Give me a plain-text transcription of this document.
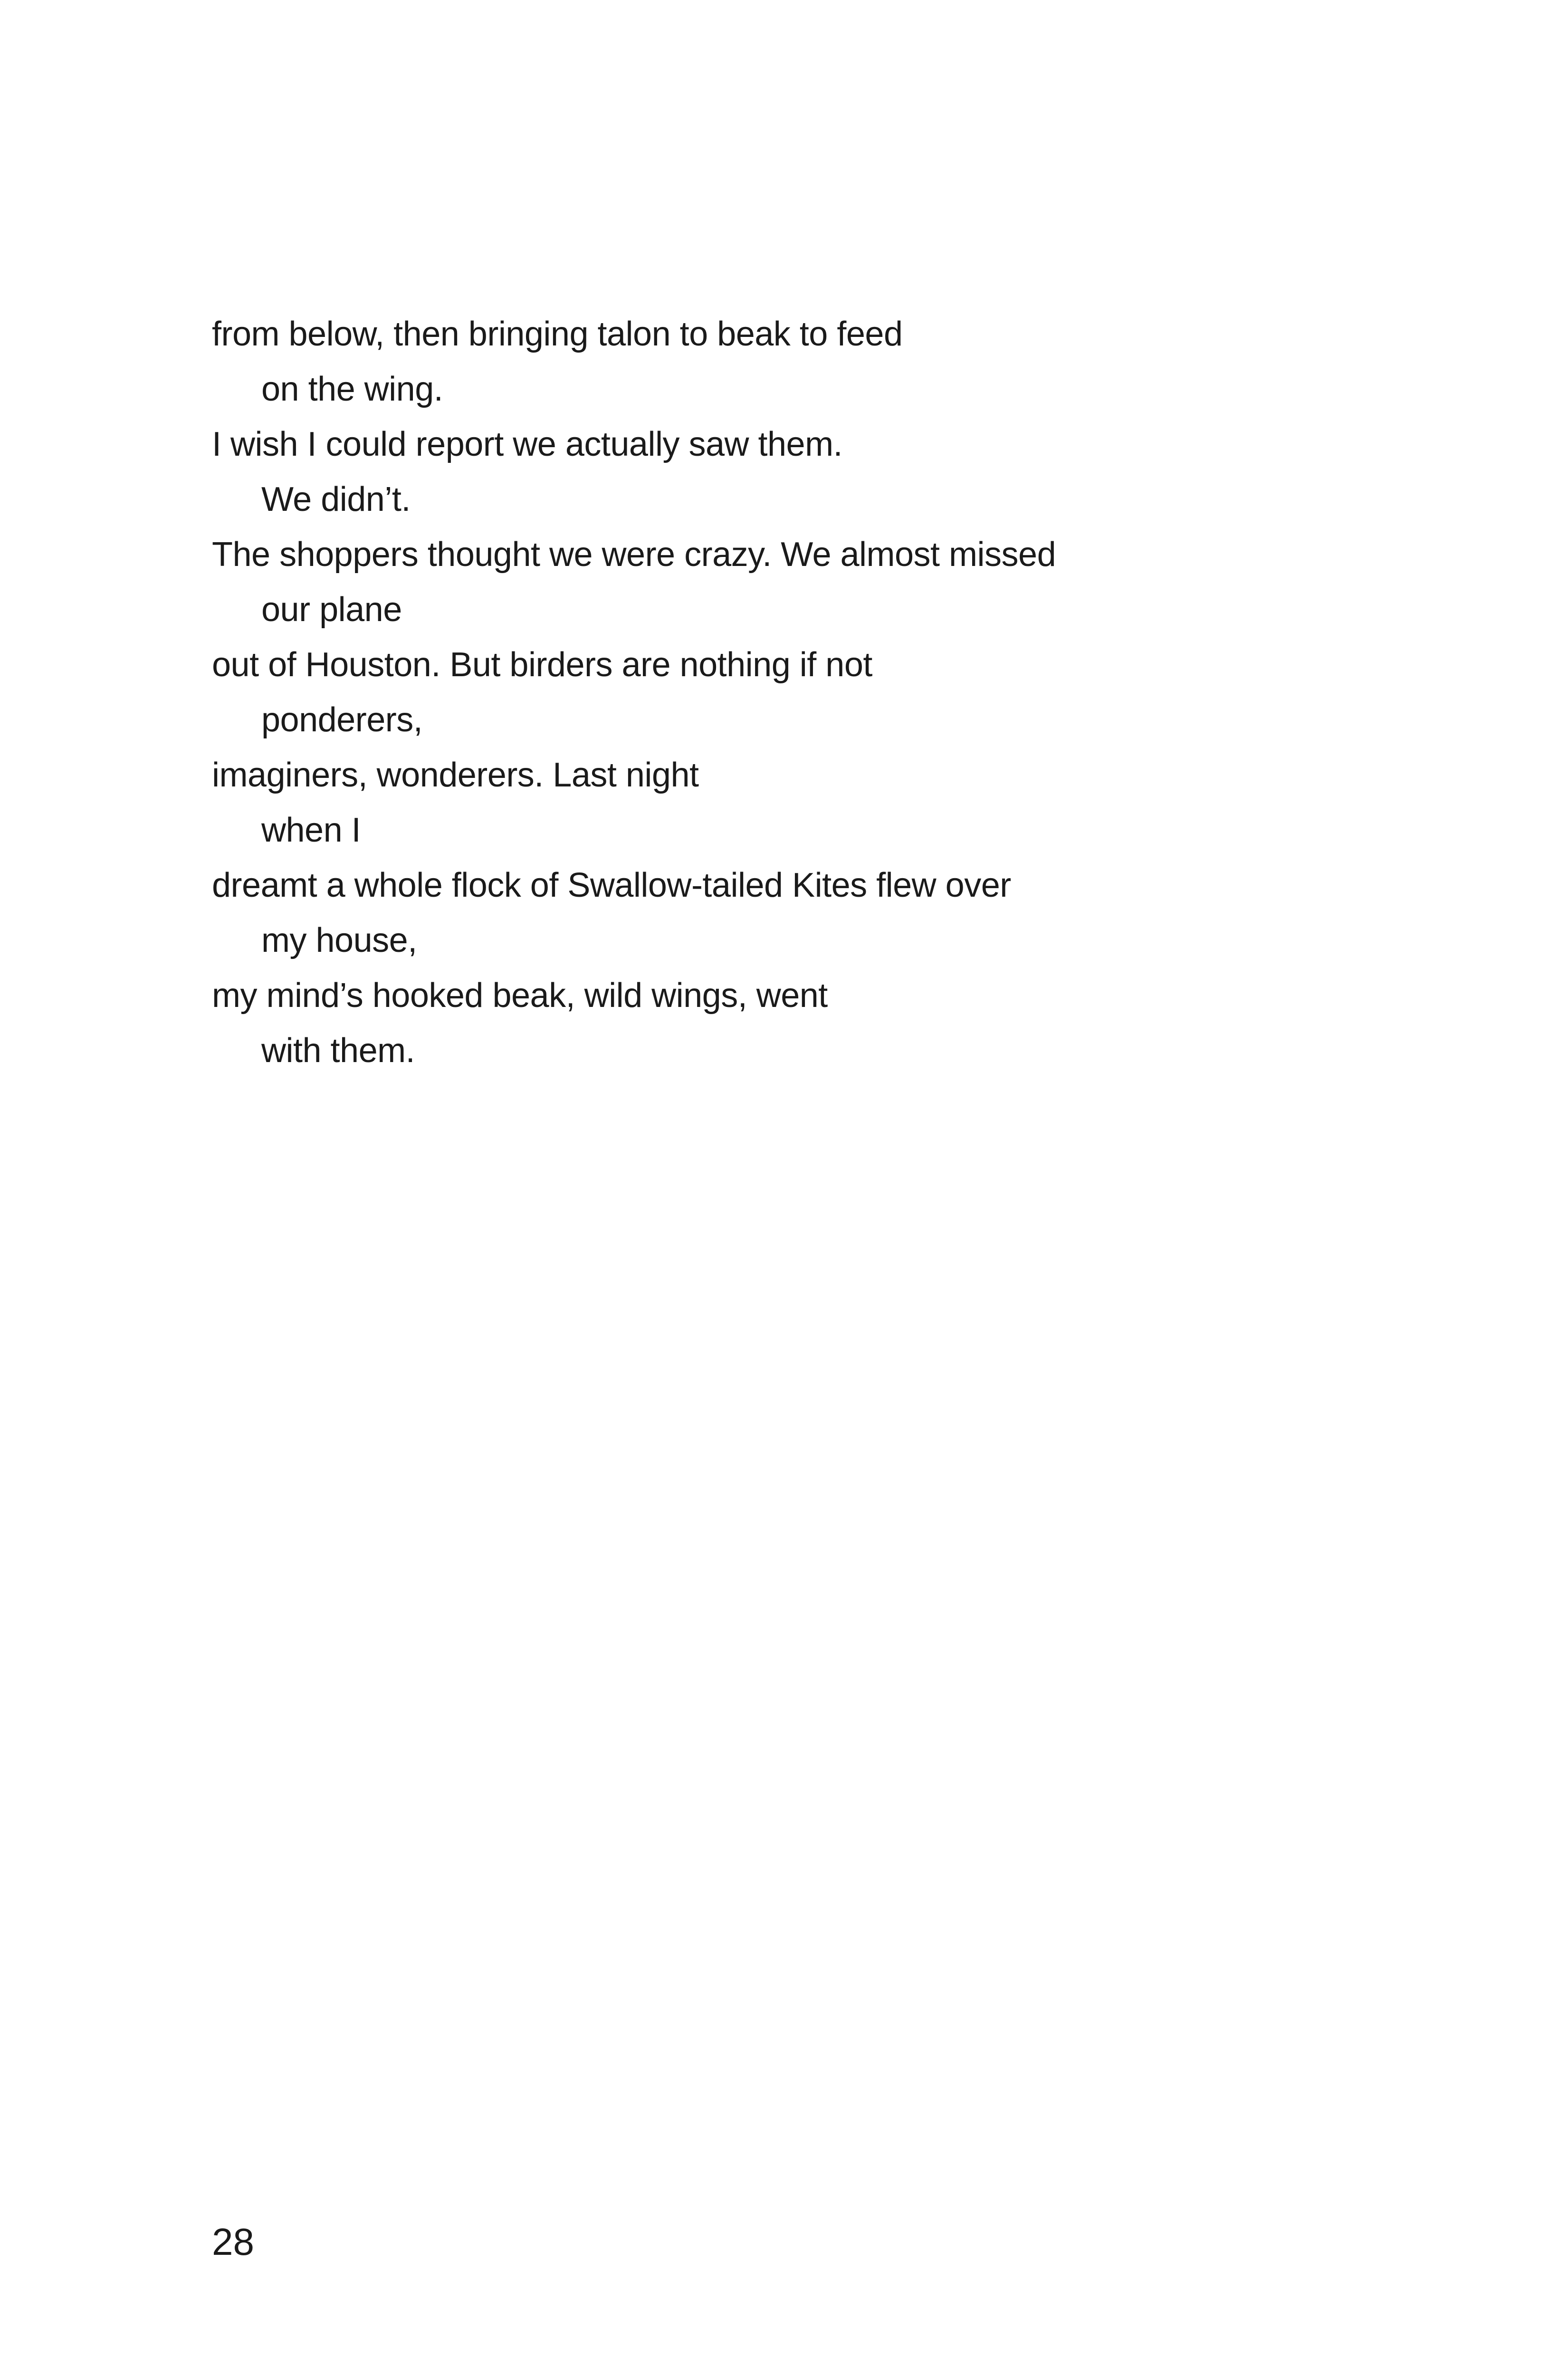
from below, then bringing talon to beak to feed
on the wing.
I wish I could report we actually saw them.
We didn’t.
The shoppers thought we were crazy. We almost missed
our plane
out of Houston. But birders are nothing if not
ponderers,
imaginers, wonderers. Last night
when I
dreamt a whole flock of Swallow-tailed Kites flew over
my house,
my mind’s hooked beak, wild wings, went
with them.
28
